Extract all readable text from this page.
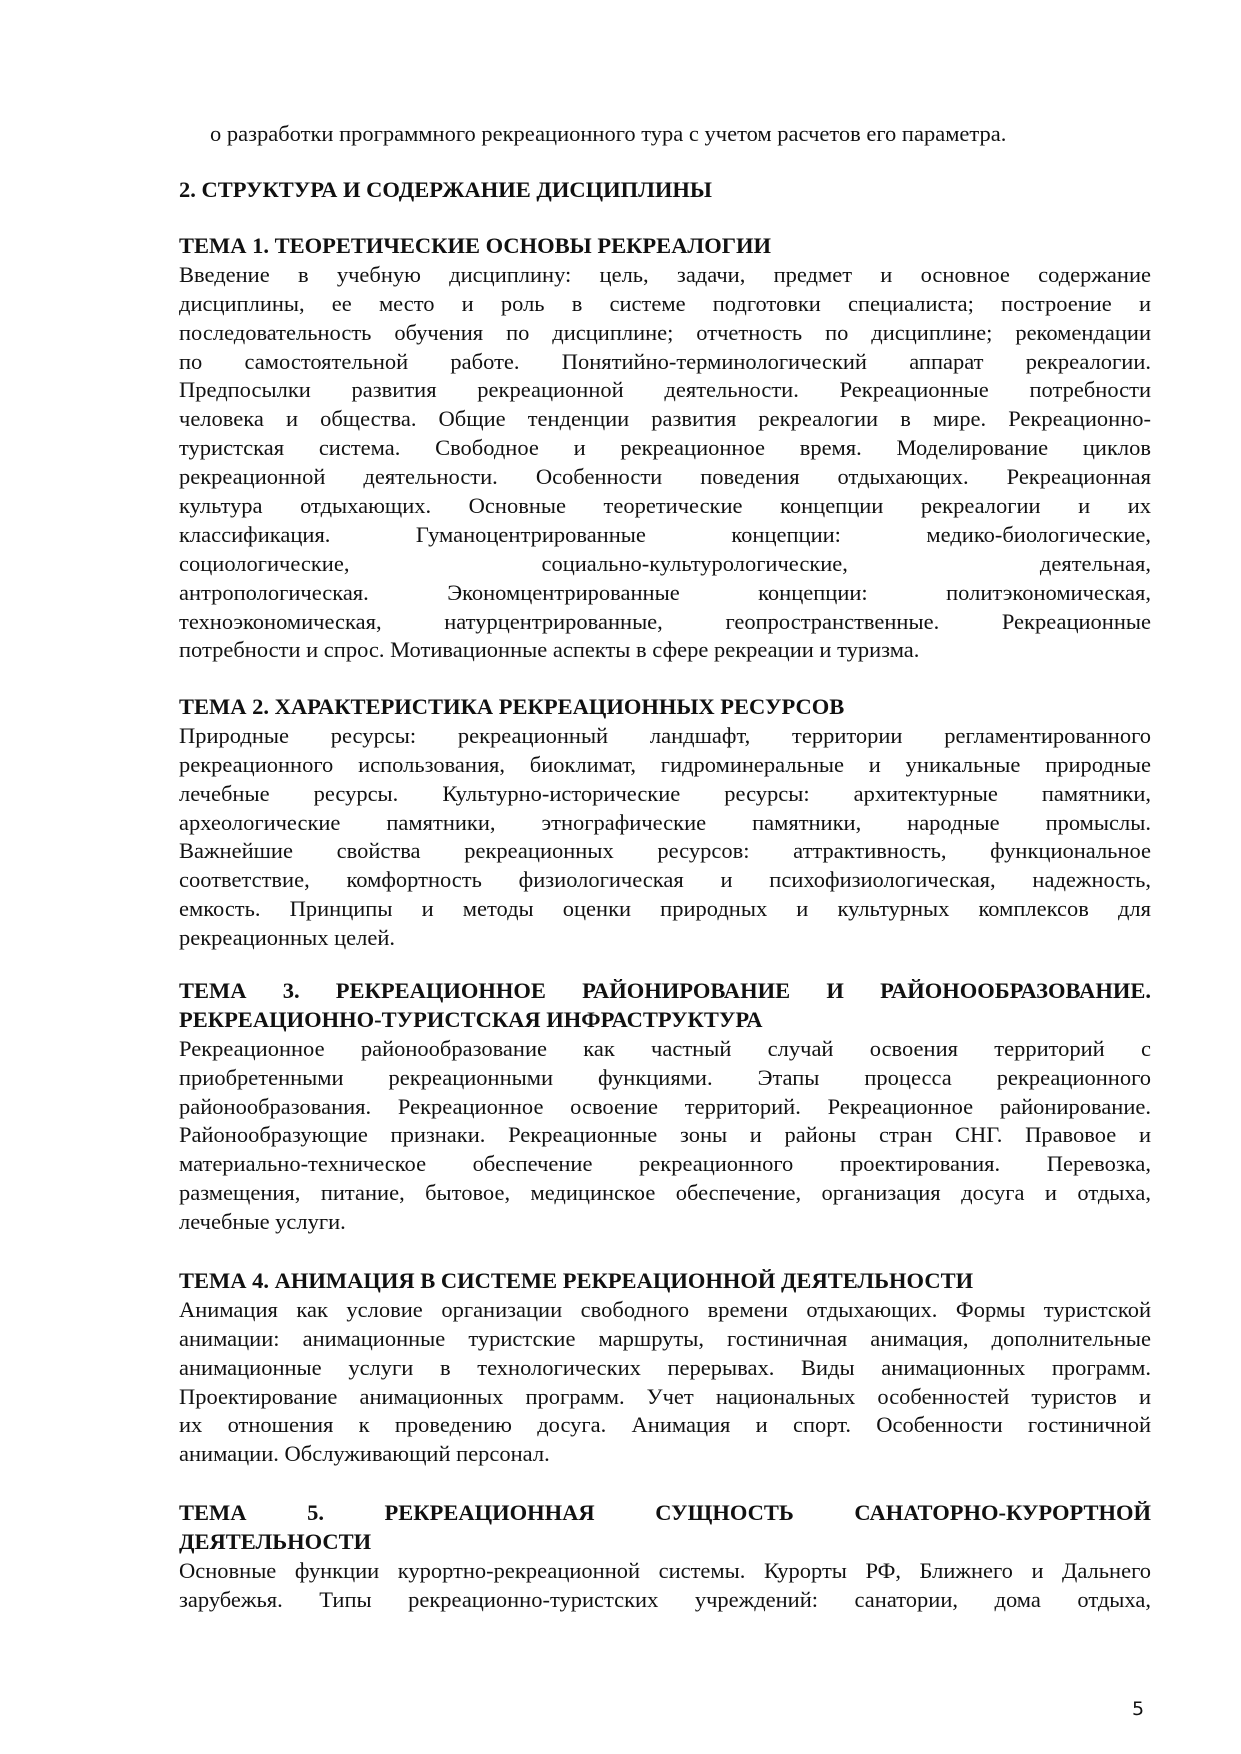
о разработки программного рекреационного тура с учетом расчетов его параметра.
2. СТРУКТУРА И СОДЕРЖАНИЕ ДИСЦИПЛИНЫ
ТЕМА 1. ТЕОРЕТИЧЕСКИЕ ОСНОВЫ РЕКРЕАЛОГИИ
Введение в учебную дисциплину: цель, задачи, предмет и основное содержание
дисциплины, ее место и роль в системе подготовки специалиста; построение и
последовательность обучения по дисциплине; отчетность по дисциплине; рекомендации
по самостоятельной работе. Понятийно-терминологический аппарат рекреалогии.
Предпосылки развития рекреационной деятельности. Рекреационные потребности
человека и общества. Общие тенденции развития рекреалогии в мире. Рекреационно-
туристская система. Свободное и рекреационное время. Моделирование циклов
рекреационной деятельности. Особенности поведения отдыхающих. Рекреационная
культура отдыхающих. Основные теоретические концепции рекреалогии и их
классификация. Гуманоцентрированные концепции: медико-биологические,
социологические, социально-культурологические, деятельная,
антропологическая. Экономцентрированные концепции: политэкономическая,
техноэкономическая, натурцентрированные, геопространственные. Рекреационные
потребности и спрос. Мотивационные аспекты в сфере рекреации и туризма.
ТЕМА 2. ХАРАКТЕРИСТИКА РЕКРЕАЦИОННЫХ РЕСУРСОВ
Природные ресурсы: рекреационный ландшафт, территории регламентированного
рекреационного использования, биоклимат, гидроминеральные и уникальные природные
лечебные ресурсы. Культурно-исторические ресурсы: архитектурные памятники,
археологические памятники, этнографические памятники, народные промыслы.
Важнейшие свойства рекреационных ресурсов: аттрактивность, функциональное
соответствие, комфортность физиологическая и психофизиологическая, надежность,
емкость. Принципы и методы оценки природных и культурных комплексов для
рекреационных целей.
ТЕМА 3. РЕКРЕАЦИОННОЕ РАЙОНИРОВАНИЕ И РАЙОНООБРАЗОВАНИЕ.
РЕКРЕАЦИОННО-ТУРИСТСКАЯ ИНФРАСТРУКТУРА
Рекреационное районообразование как частный случай освоения территорий с
приобретенными рекреационными функциями. Этапы процесса рекреационного
районообразования. Рекреационное освоение территорий. Рекреационное районирование.
Районообразующие признаки. Рекреационные зоны и районы стран СНГ. Правовое и
материально-техническое обеспечение рекреационного проектирования. Перевозка,
размещения, питание, бытовое, медицинское обеспечение, организация досуга и отдыха,
лечебные услуги.
ТЕМА 4. АНИМАЦИЯ В СИСТЕМЕ РЕКРЕАЦИОННОЙ ДЕЯТЕЛЬНОСТИ
Анимация как условие организации свободного времени отдыхающих. Формы туристской
анимации: анимационные туристские маршруты, гостиничная анимация, дополнительные
анимационные услуги в технологических перерывах. Виды анимационных программ.
Проектирование анимационных программ. Учет национальных особенностей туристов и
их отношения к проведению досуга. Анимация и спорт. Особенности гостиничной
анимации. Обслуживающий персонал.
ТЕМА 5. РЕКРЕАЦИОННАЯ СУЩНОСТЬ САНАТОРНО-КУРОРТНОЙ
ДЕЯТЕЛЬНОСТИ
Основные функции курортно-рекреационной системы. Курорты РФ, Ближнего и Дальнего
зарубежья. Типы рекреационно-туристских учреждений: санатории, дома отдыха,
5
